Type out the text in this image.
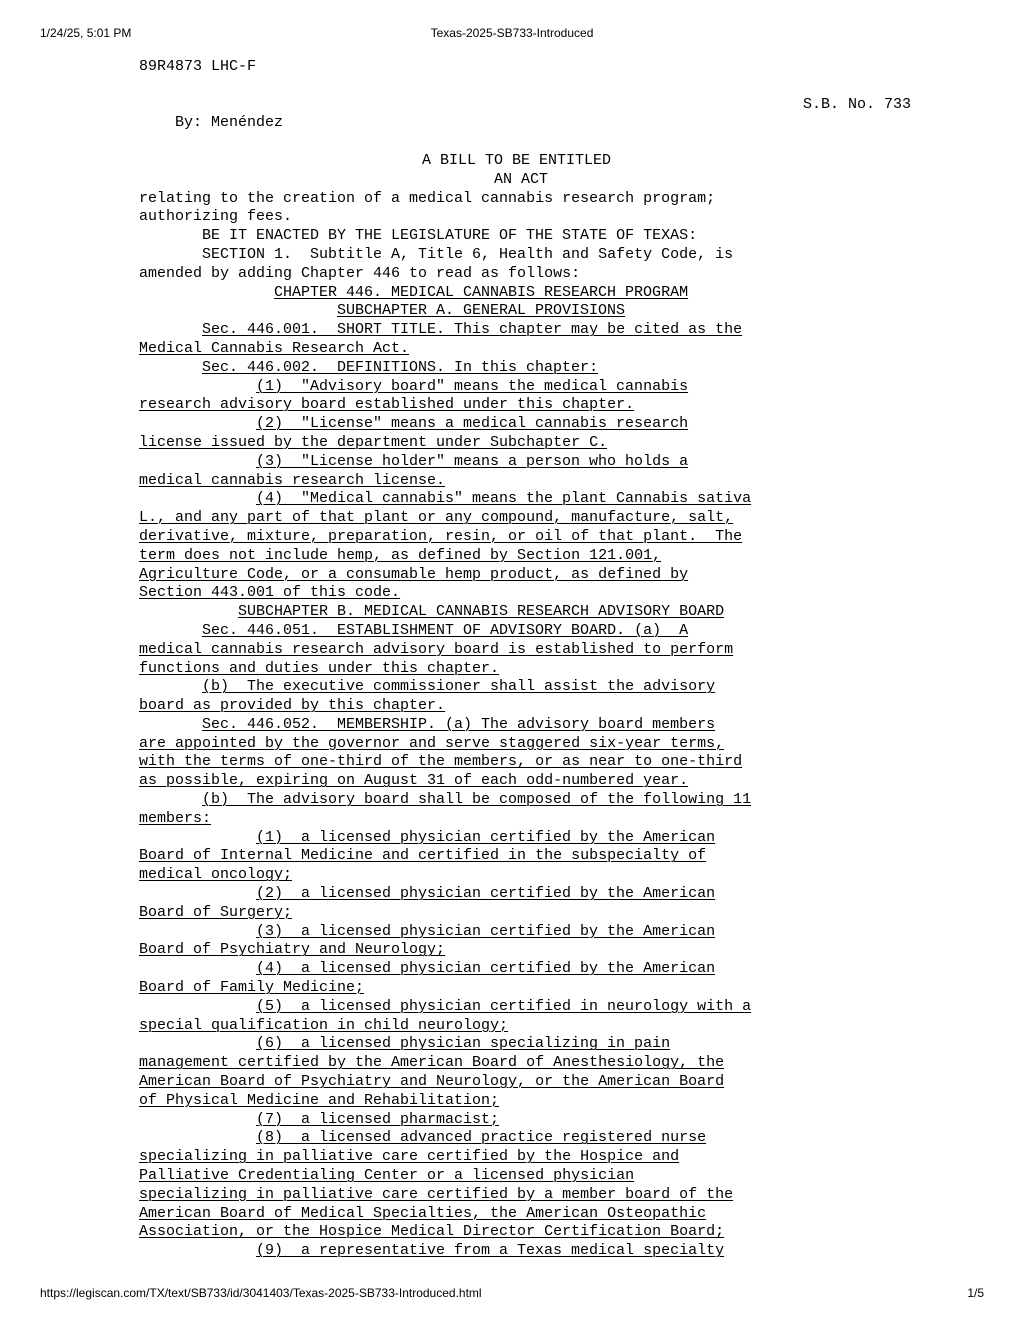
1/24/25, 5:01 PM	Texas-2025-SB733-Introduced
89R4873 LHC-F

By: Menéndez

S.B. No. 733

A BILL TO BE ENTITLED
AN ACT
relating to the creation of a medical cannabis research program;
authorizing fees.
BE IT ENACTED BY THE LEGISLATURE OF THE STATE OF TEXAS:
SECTION 1.  Subtitle A, Title 6, Health and Safety Code, is
amended by adding Chapter 446 to read as follows:
CHAPTER 446. MEDICAL CANNABIS RESEARCH PROGRAM
SUBCHAPTER A. GENERAL PROVISIONS
Sec. 446.001.  SHORT TITLE. This chapter may be cited as the
Medical Cannabis Research Act.
Sec. 446.002.  DEFINITIONS. In this chapter:
(1)  "Advisory board" means the medical cannabis
research advisory board established under this chapter.
(2)  "License" means a medical cannabis research
license issued by the department under Subchapter C.
(3)  "License holder" means a person who holds a
medical cannabis research license.
(4)  "Medical cannabis" means the plant Cannabis sativa
L., and any part of that plant or any compound, manufacture, salt,
derivative, mixture, preparation, resin, or oil of that plant.  The
term does not include hemp, as defined by Section 121.001,
Agriculture Code, or a consumable hemp product, as defined by
Section 443.001 of this code.
SUBCHAPTER B. MEDICAL CANNABIS RESEARCH ADVISORY BOARD
Sec. 446.051.  ESTABLISHMENT OF ADVISORY BOARD. (a)  A
medical cannabis research advisory board is established to perform
functions and duties under this chapter.
(b)  The executive commissioner shall assist the advisory
board as provided by this chapter.
Sec. 446.052.  MEMBERSHIP. (a) The advisory board members
are appointed by the governor and serve staggered six-year terms,
with the terms of one-third of the members, or as near to one-third
as possible, expiring on August 31 of each odd-numbered year.
(b)  The advisory board shall be composed of the following 11
members:
(1)  a licensed physician certified by the American
Board of Internal Medicine and certified in the subspecialty of
medical oncology;
(2)  a licensed physician certified by the American
Board of Surgery;
(3)  a licensed physician certified by the American
Board of Psychiatry and Neurology;
(4)  a licensed physician certified by the American
Board of Family Medicine;
(5)  a licensed physician certified in neurology with a
special qualification in child neurology;
(6)  a licensed physician specializing in pain
management certified by the American Board of Anesthesiology, the
American Board of Psychiatry and Neurology, or the American Board
of Physical Medicine and Rehabilitation;
(7)  a licensed pharmacist;
(8)  a licensed advanced practice registered nurse
specializing in palliative care certified by the Hospice and
Palliative Credentialing Center or a licensed physician
specializing in palliative care certified by a member board of the
American Board of Medical Specialties, the American Osteopathic
Association, or the Hospice Medical Director Certification Board;
(9)  a representative from a Texas medical specialty
https://legiscan.com/TX/text/SB733/id/3041403/Texas-2025-SB733-Introduced.html	1/5
